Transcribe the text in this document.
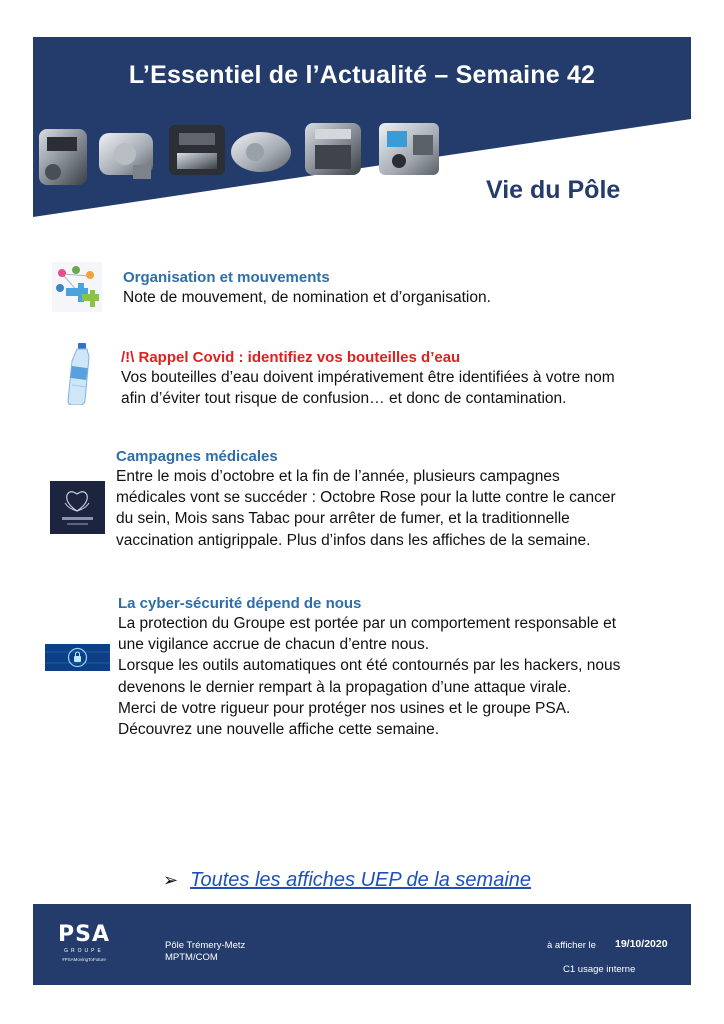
L’Essentiel de l’Actualité – Semaine 42
Vie du Pôle
Organisation et mouvements
Note de mouvement, de nomination et d’organisation.
/!\ Rappel Covid : identifiez vos bouteilles d’eau
Vos bouteilles d’eau doivent impérativement être identifiées à votre nom
afin d’éviter tout risque de confusion… et donc de contamination.
Campagnes médicales
Entre le mois d’octobre et la fin de l’année, plusieurs campagnes
médicales vont se succéder : Octobre Rose pour la lutte contre le cancer
du sein, Mois sans Tabac pour arrêter de fumer, et la traditionnelle
vaccination antigrippale. Plus d’infos dans les affiches de la semaine.
La cyber-sécurité dépend de nous
La protection du Groupe est portée par un comportement responsable et
une vigilance accrue de chacun d’entre nous.
Lorsque les outils automatiques ont été contournés par les hackers, nous
devenons le dernier rempart à la propagation d’une attaque virale.
Merci de votre rigueur pour protéger nos usines et le groupe PSA.
Découvrez une nouvelle affiche cette semaine.
➢ Toutes les affiches UEP de la semaine
PSA
GROUPE
#PSAMovingToFuture
Pôle Trémery-Metz
MPTM/COM
à afficher le 19/10/2020
C1 usage interne
